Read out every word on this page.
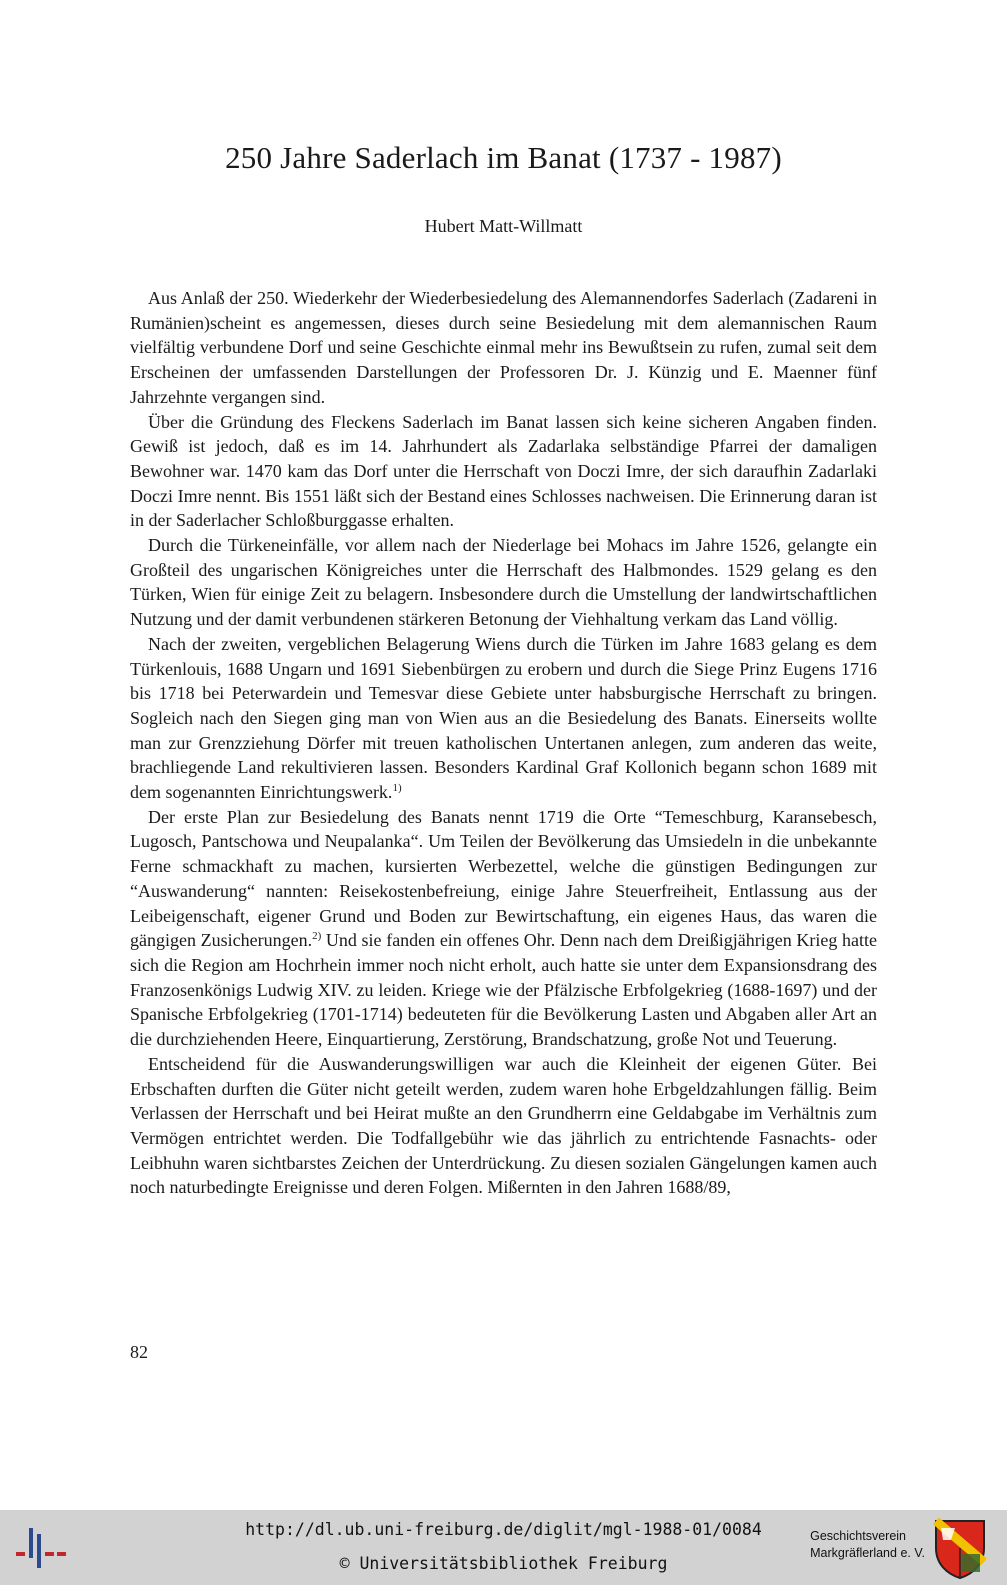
250 Jahre Saderlach im Banat (1737 - 1987)
Hubert Matt-Willmatt

Aus Anlaß der 250. Wiederkehr der Wiederbesiedelung des Alemannendorfes Saderlach (Zadareni in Rumänien)scheint es angemessen, dieses durch seine Besiedelung mit dem alemannischen Raum vielfältig verbundene Dorf und seine Geschichte einmal mehr ins Bewußtsein zu rufen, zumal seit dem Erscheinen der umfassenden Darstellungen der Professoren Dr. J. Künzig und E. Maenner fünf Jahrzehnte vergangen sind.

Über die Gründung des Fleckens Saderlach im Banat lassen sich keine sicheren Angaben finden. Gewiß ist jedoch, daß es im 14. Jahrhundert als Zadarlaka selbständige Pfarrei der damaligen Bewohner war. 1470 kam das Dorf unter die Herrschaft von Doczi Imre, der sich daraufhin Zadarlaki Doczi Imre nennt. Bis 1551 läßt sich der Bestand eines Schlosses nachweisen. Die Erinnerung daran ist in der Saderlacher Schloßburggasse erhalten.

Durch die Türkeneinfälle, vor allem nach der Niederlage bei Mohacs im Jahre 1526, gelangte ein Großteil des ungarischen Königreiches unter die Herrschaft des Halbmondes. 1529 gelang es den Türken, Wien für einige Zeit zu belagern. Insbesondere durch die Umstellung der landwirtschaftlichen Nutzung und der damit verbundenen stärkeren Betonung der Viehhaltung verkam das Land völlig.

Nach der zweiten, vergeblichen Belagerung Wiens durch die Türken im Jahre 1683 gelang es dem Türkenlouis, 1688 Ungarn und 1691 Siebenbürgen zu erobern und durch die Siege Prinz Eugens 1716 bis 1718 bei Peterwardein und Temesvar diese Gebiete unter habsburgische Herrschaft zu bringen. Sogleich nach den Siegen ging man von Wien aus an die Besiedelung des Banats. Einerseits wollte man zur Grenzziehung Dörfer mit treuen katholischen Untertanen anlegen, zum anderen das weite, brachliegende Land rekultivieren lassen. Besonders Kardinal Graf Kollonich begann schon 1689 mit dem sogenannten Einrichtungswerk.$^{1)}$

Der erste Plan zur Besiedelung des Banats nennt 1719 die Orte “Temeschburg, Karansebesch, Lugosch, Pantschowa und Neupalanka“. Um Teilen der Bevölkerung das Umsiedeln in die unbekannte Ferne schmackhaft zu machen, kursierten Werbezettel, welche die günstigen Bedingungen zur “Auswanderung“ nannten: Reisekostenbefreiung, einige Jahre Steuerfreiheit, Entlassung aus der Leibeigenschaft, eigener Grund und Boden zur Bewirtschaftung, ein eigenes Haus, das waren die gängigen Zusicherungen.$^{2)}$ Und sie fanden ein offenes Ohr. Denn nach dem Dreißigjährigen Krieg hatte sich die Region am Hochrhein immer noch nicht erholt, auch hatte sie unter dem Expansionsdrang des Franzosenkönigs Ludwig XIV. zu leiden. Kriege wie der Pfälzische Erbfolgekrieg (1688-1697) und der Spanische Erbfolgekrieg (1701-1714) bedeuteten für die Bevölkerung Lasten und Abgaben aller Art an die durchziehenden Heere, Einquartierung, Zerstörung, Brandschatzung, große Not und Teuerung.

Entscheidend für die Auswanderungswilligen war auch die Kleinheit der eigenen Güter. Bei Erbschaften durften die Güter nicht geteilt werden, zudem waren hohe Erbgeldzahlungen fällig. Beim Verlassen der Herrschaft und bei Heirat mußte an den Grundherrn eine Geldabgabe im Verhältnis zum Vermögen entrichtet werden. Die Todfallgebühr wie das jährlich zu entrichtende Fasnachts- oder Leibhuhn waren sichtbarstes Zeichen der Unterdrückung. Zu diesen sozialen Gängelungen kamen auch noch naturbedingte Ereignisse und deren Folgen. Mißernten in den Jahren 1688/89,

82
http://dl.ub.uni-freiburg.de/diglit/mgl-1988-01/0084
© Universitätsbibliothek Freiburg
Geschichtsverein
Markgräflerland e. V.
